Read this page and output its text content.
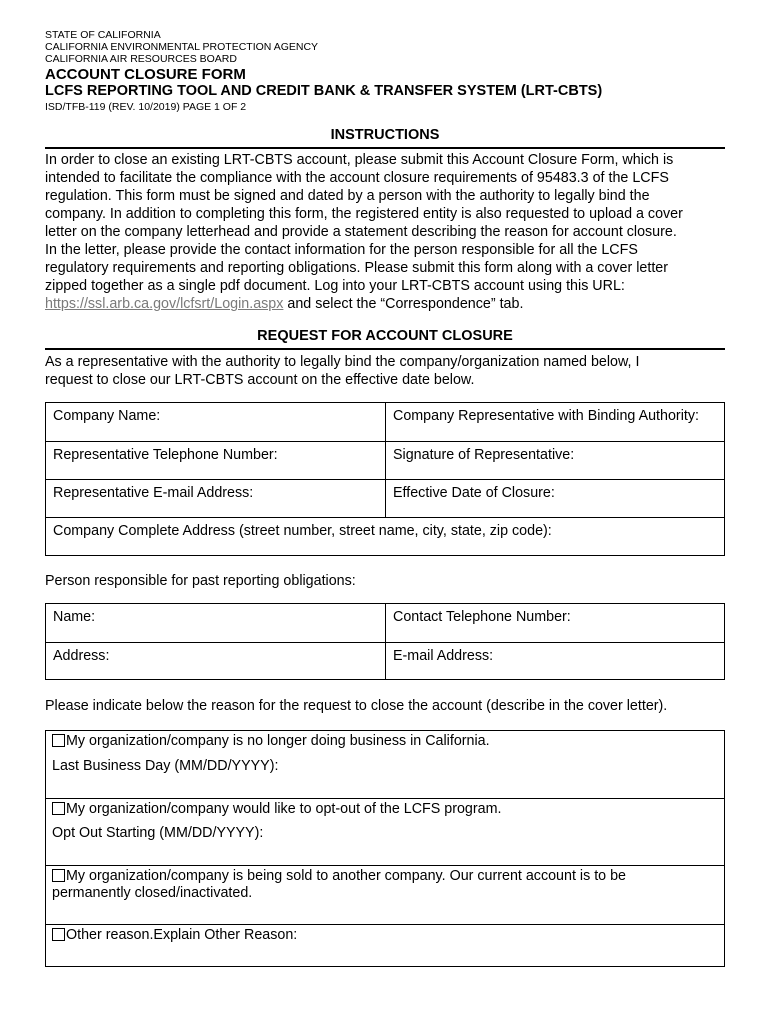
STATE OF CALIFORNIA
CALIFORNIA ENVIRONMENTAL PROTECTION AGENCY
CALIFORNIA AIR RESOURCES BOARD
ACCOUNT CLOSURE FORM
LCFS REPORTING TOOL AND CREDIT BANK & TRANSFER SYSTEM (LRT-CBTS)
ISD/TFB-119 (REV. 10/2019) PAGE 1 OF 2
INSTRUCTIONS
In order to close an existing LRT-CBTS account, please submit this Account Closure Form, which is
intended to facilitate the compliance with the account closure requirements of 95483.3 of the LCFS
regulation. This form must be signed and dated by a person with the authority to legally bind the
company. In addition to completing this form, the registered entity is also requested to upload a cover
letter on the company letterhead and provide a statement describing the reason for account closure.
In the letter, please provide the contact information for the person responsible for all the LCFS
regulatory requirements and reporting obligations. Please submit this form along with a cover letter
zipped together as a single pdf document. Log into your LRT-CBTS account using this URL:
https://ssl.arb.ca.gov/lcfsrt/Login.aspx and select the “Correspondence” tab.
REQUEST FOR ACCOUNT CLOSURE
As a representative with the authority to legally bind the company/organization named below, I
request to close our LRT-CBTS account on the effective date below.
Company Name:	Company Representative with Binding Authority:
Representative Telephone Number:	Signature of Representative:
Representative E-mail Address:	Effective Date of Closure:
Company Complete Address (street number, street name, city, state, zip code):	
Person responsible for past reporting obligations:
Name:	Contact Telephone Number:
Address:	E-mail Address:
Please indicate below the reason for the request to close the account (describe in the cover letter).
My organization/company is no longer doing business in California.
Last Business Day (MM/DD/YYYY):
My organization/company would like to opt-out of the LCFS program.
Opt Out Starting (MM/DD/YYYY):
My organization/company is being sold to another company. Our current account is to be
permanently closed/inactivated.
Other reason.Explain Other Reason:
